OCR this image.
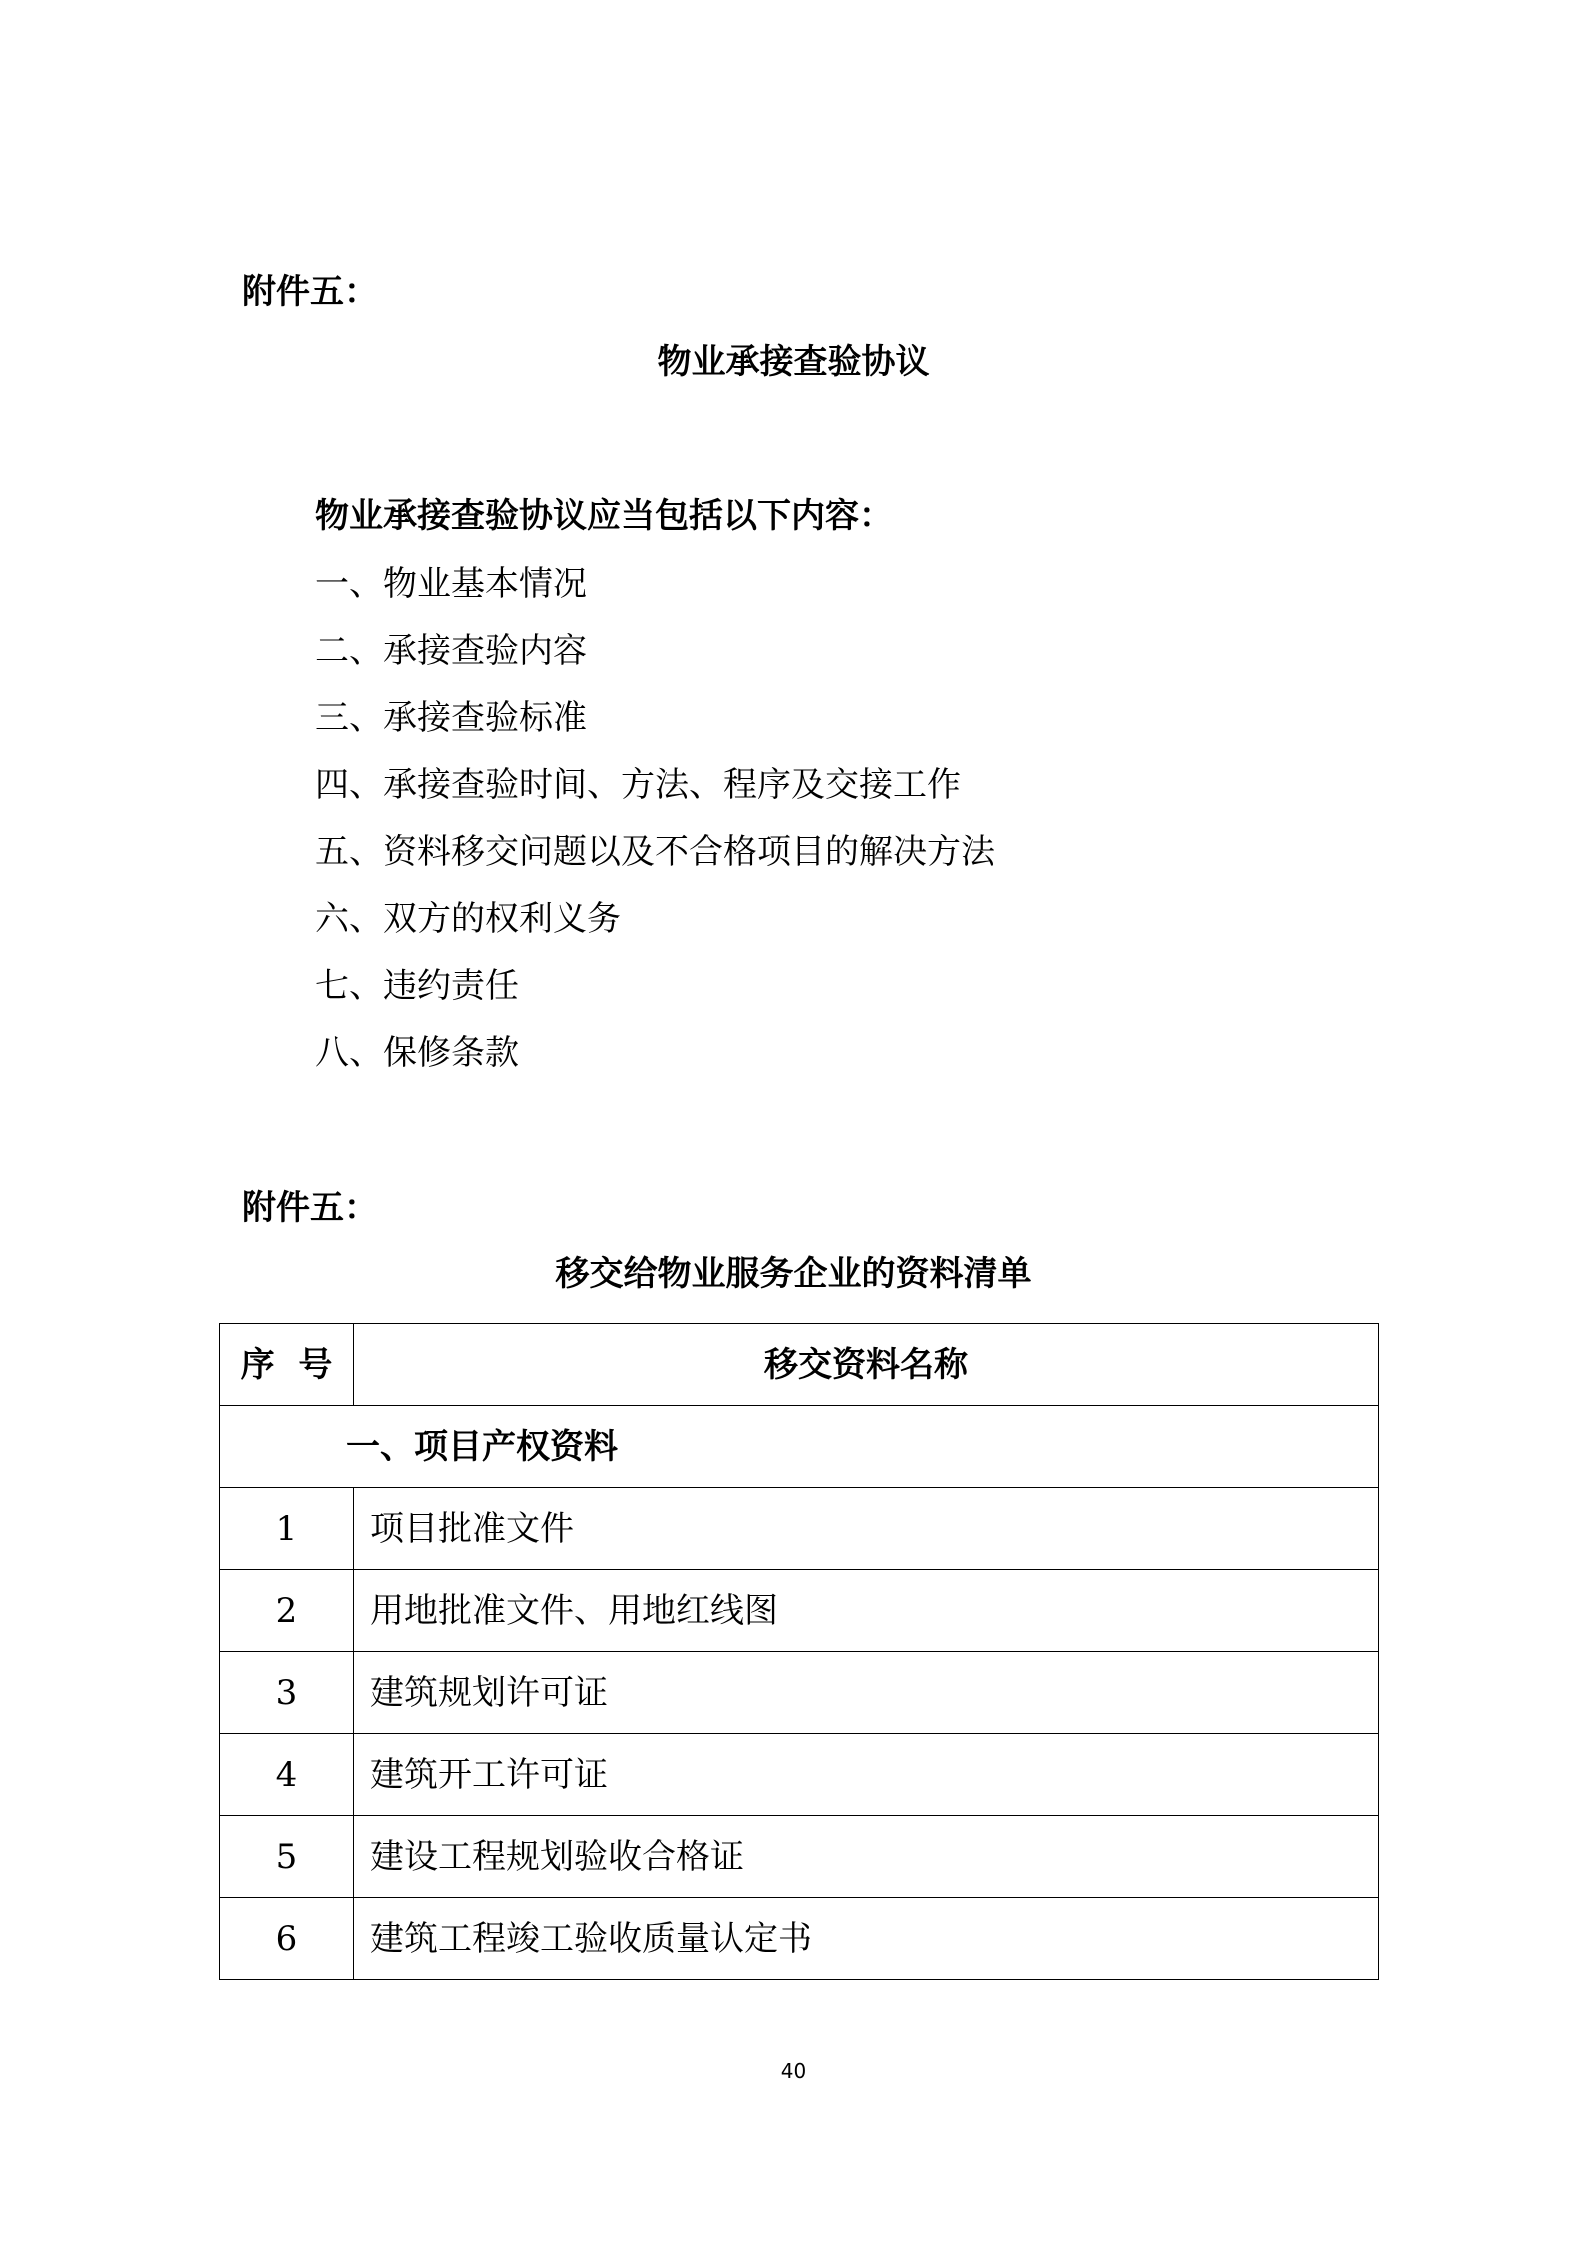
附件五：
物业承接查验协议
物业承接查验协议应当包括以下内容：
一、物业基本情况
二、承接查验内容
三、承接查验标准
四、承接查验时间、方法、程序及交接工作
五、资料移交问题以及不合格项目的解决方法
六、双方的权利义务
七、违约责任
八、保修条款
附件五：
移交给物业服务企业的资料清单
序  号	移交资料名称
一、项目产权资料	
1	项目批准文件
2	用地批准文件、用地红线图
3	建筑规划许可证
4	建筑开工许可证
5	建设工程规划验收合格证
6	建筑工程竣工验收质量认定书
40
